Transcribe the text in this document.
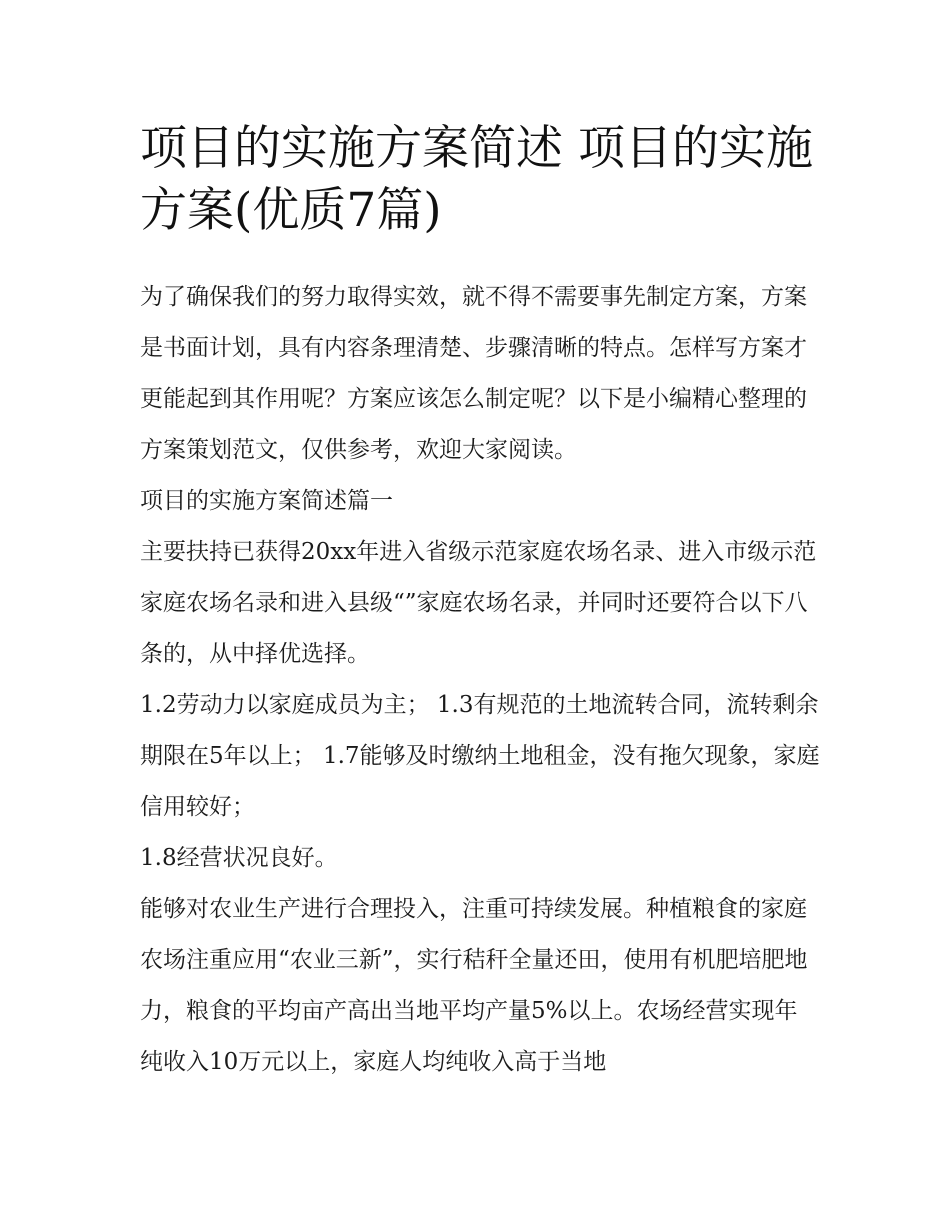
项目的实施方案简述 项目的实施方案(优质7篇)

为了确保我们的努力取得实效，就不得不需要事先制定方案，方案是书面计划，具有内容条理清楚、步骤清晰的特点。怎样写方案才更能起到其作用呢？方案应该怎么制定呢？以下是小编精心整理的方案策划范文，仅供参考，欢迎大家阅读。

项目的实施方案简述篇一

主要扶持已获得20xx年进入省级示范家庭农场名录、进入市级示范家庭农场名录和进入县级“”家庭农场名录，并同时还要符合以下八条的，从中择优选择。

1.2劳动力以家庭成员为主； 1.3有规范的土地流转合同，流转剩余期限在5年以上； 1.7能够及时缴纳土地租金，没有拖欠现象，家庭信用较好；

1.8经营状况良好。

能够对农业生产进行合理投入，注重可持续发展。种植粮食的家庭农场注重应用“农业三新”，实行秸秆全量还田，使用有机肥培肥地力，粮食的平均亩产高出当地平均产量5%以上。农场经营实现年纯收入10万元以上，家庭人均纯收入高于当地
